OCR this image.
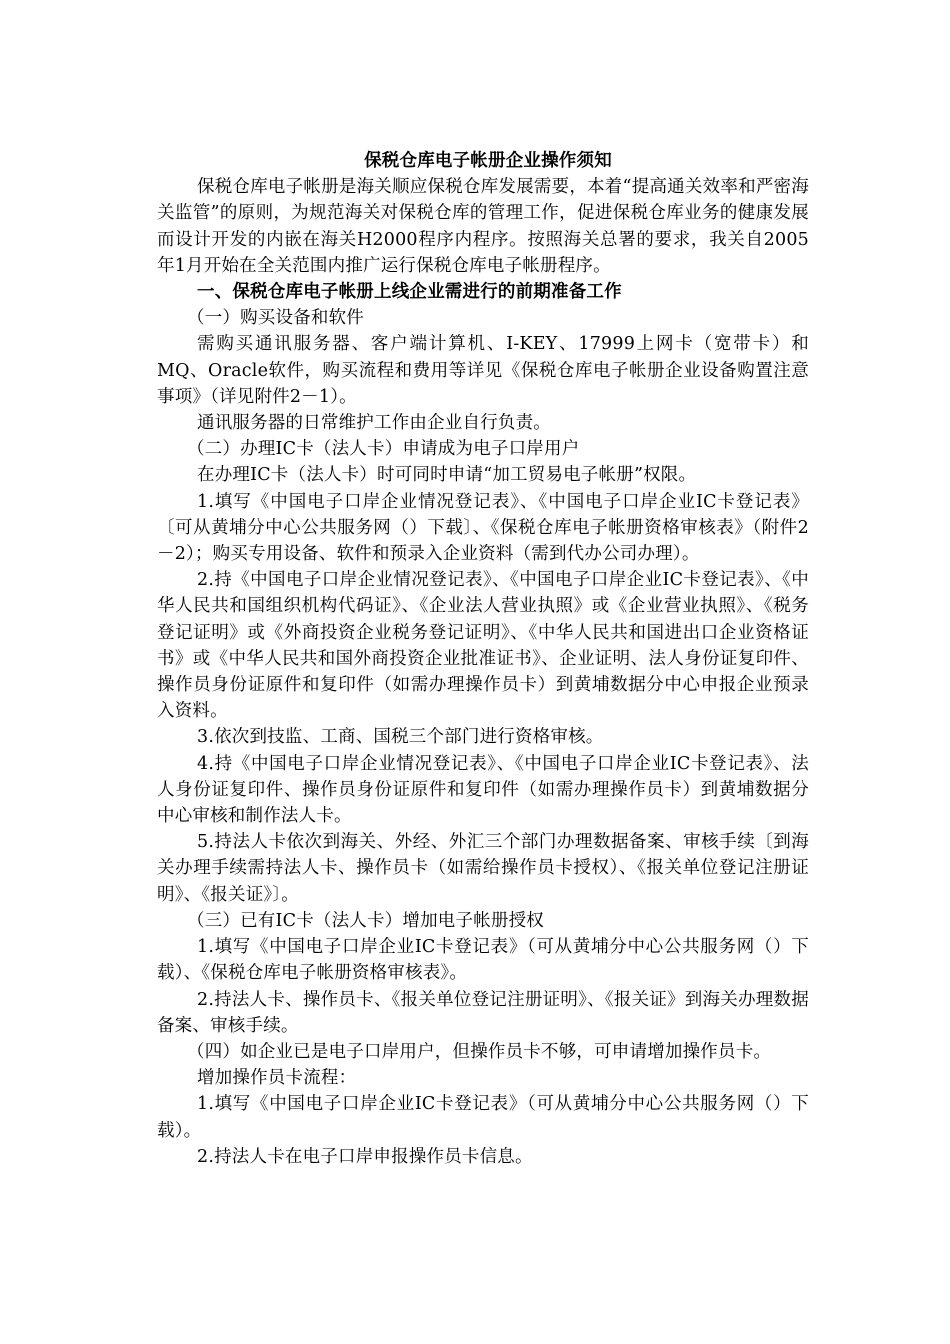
保税仓库电子帐册企业操作须知

保税仓库电子帐册是海关顺应保税仓库发展需要，本着“提高通关效率和严密海关监管”的原则，为规范海关对保税仓库的管理工作，促进保税仓库业务的健康发展而设计开发的内嵌在海关H2000程序内程序。按照海关总署的要求，我关自2005年1月开始在全关范围内推广运行保税仓库电子帐册程序。

一、保税仓库电子帐册上线企业需进行的前期准备工作

（一）购买设备和软件

需购买通讯服务器、客户端计算机、I-KEY、17999上网卡（宽带卡）和MQ、Oracle软件，购买流程和费用等详见《保税仓库电子帐册企业设备购置注意事项》（详见附件2－1）。

通讯服务器的日常维护工作由企业自行负责。

（二）办理IC卡（法人卡）申请成为电子口岸用户

在办理IC卡（法人卡）时可同时申请“加工贸易电子帐册”权限。

1.填写《中国电子口岸企业情况登记表》、《中国电子口岸企业IC卡登记表》〔可从黄埔分中心公共服务网（）下载〕、《保税仓库电子帐册资格审核表》（附件2－2）；购买专用设备、软件和预录入企业资料（需到代办公司办理）。

2.持《中国电子口岸企业情况登记表》、《中国电子口岸企业IC卡登记表》、《中华人民共和国组织机构代码证》、《企业法人营业执照》或《企业营业执照》、《税务登记证明》或《外商投资企业税务登记证明》、《中华人民共和国进出口企业资格证书》或《中华人民共和国外商投资企业批准证书》、企业证明、法人身份证复印件、操作员身份证原件和复印件（如需办理操作员卡）到黄埔数据分中心申报企业预录入资料。

3.依次到技监、工商、国税三个部门进行资格审核。

4.持《中国电子口岸企业情况登记表》、《中国电子口岸企业IC卡登记表》、法人身份证复印件、操作员身份证原件和复印件（如需办理操作员卡）到黄埔数据分中心审核和制作法人卡。

5.持法人卡依次到海关、外经、外汇三个部门办理数据备案、审核手续〔到海关办理手续需持法人卡、操作员卡（如需给操作员卡授权）、《报关单位登记注册证明》、《报关证》〕。

（三）已有IC卡（法人卡）增加电子帐册授权

1.填写《中国电子口岸企业IC卡登记表》（可从黄埔分中心公共服务网（）下载）、《保税仓库电子帐册资格审核表》。

2.持法人卡、操作员卡、《报关单位登记注册证明》、《报关证》到海关办理数据备案、审核手续。

（四）如企业已是电子口岸用户，但操作员卡不够，可申请增加操作员卡。

增加操作员卡流程：

1.填写《中国电子口岸企业IC卡登记表》（可从黄埔分中心公共服务网（）下载）。

2.持法人卡在电子口岸申报操作员卡信息。
